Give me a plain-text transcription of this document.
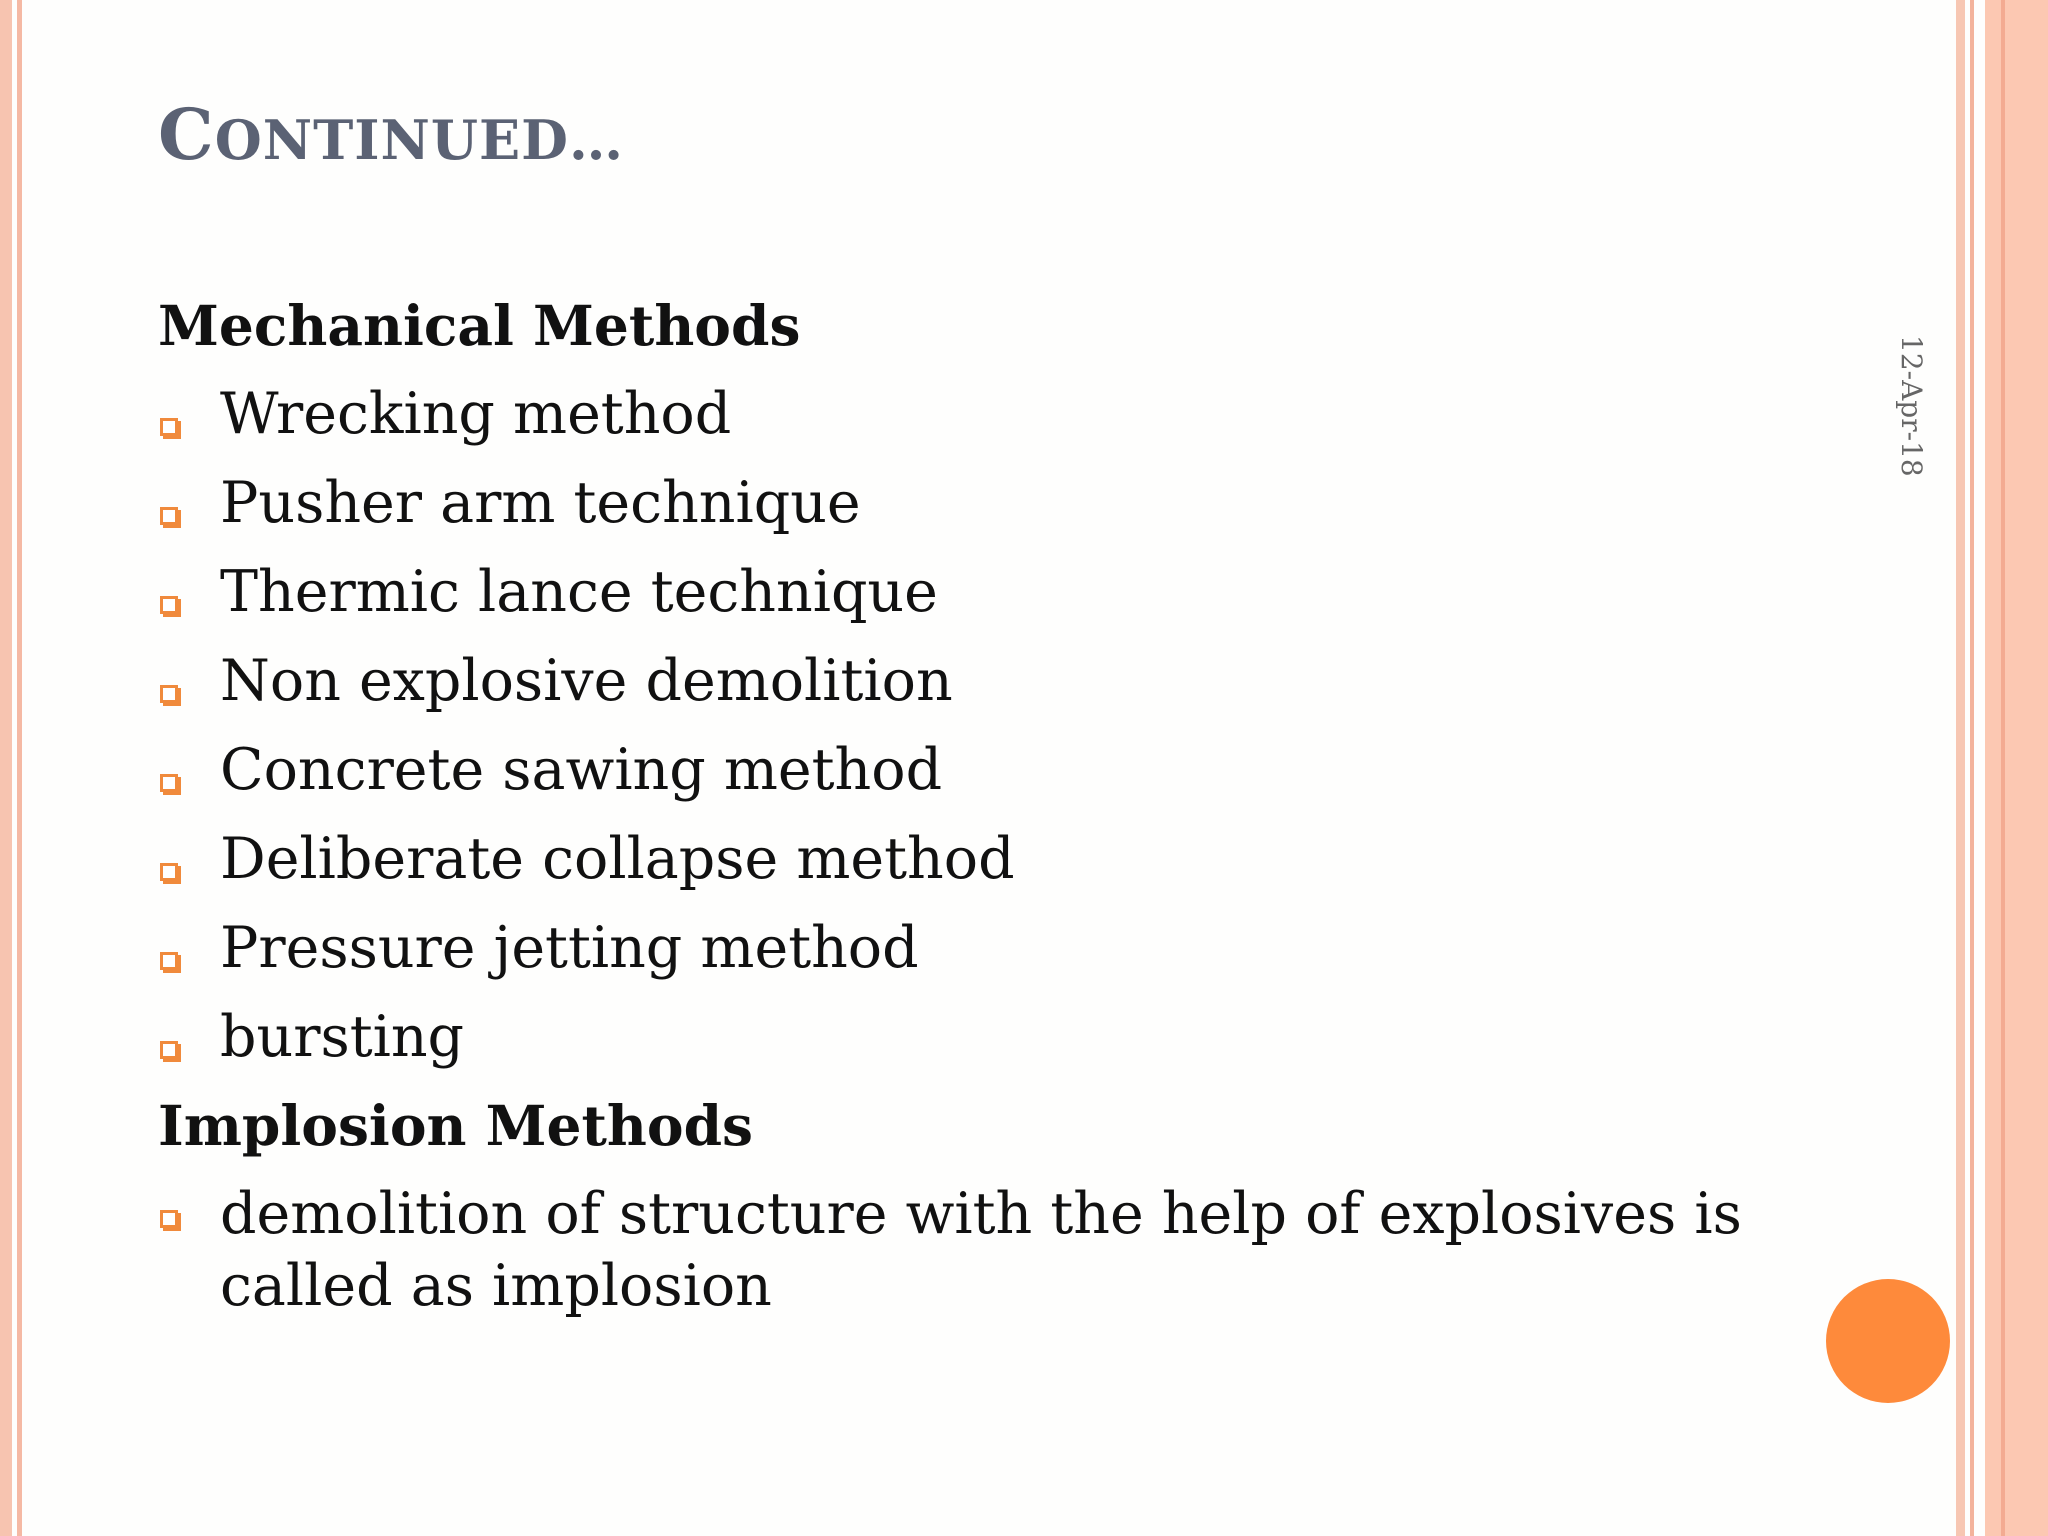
CONTINUED…
12-Apr-18

Mechanical Methods

Wrecking method
Pusher arm technique
Thermic lance technique
Non explosive demolition
Concrete sawing method
Deliberate collapse method
Pressure jetting method
bursting

Implosion Methods

demolition of structure with the help of explosives is called as implosion
